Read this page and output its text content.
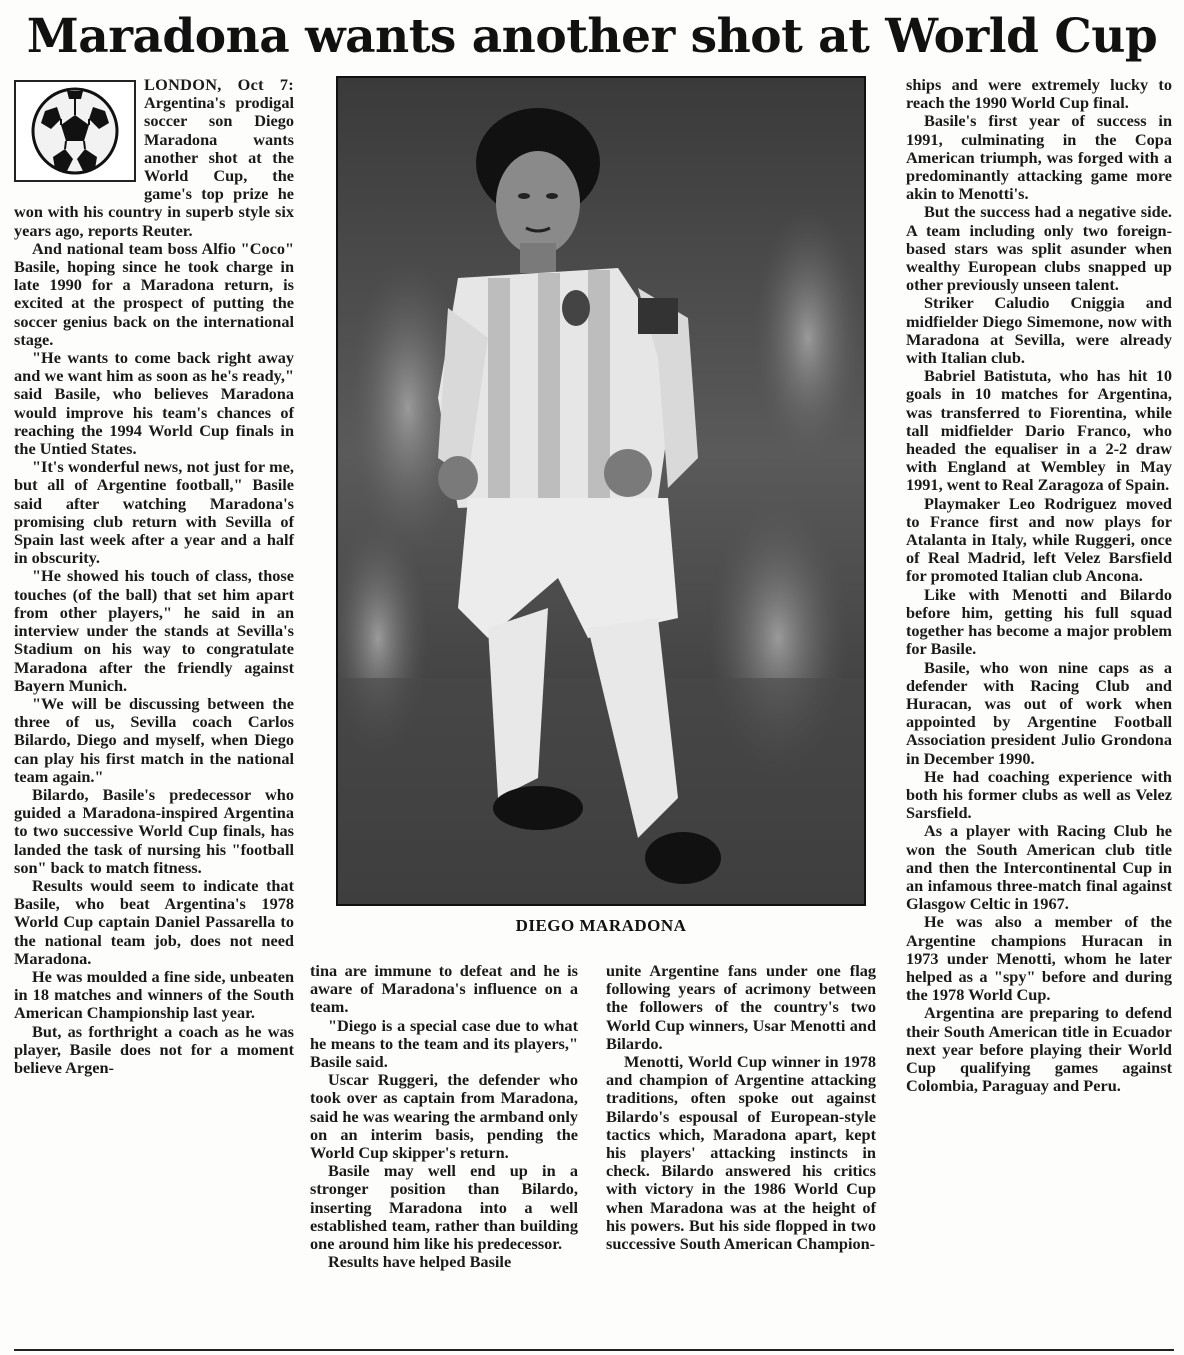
Maradona wants another shot at World Cup

LONDON, Oct 7: Argentina's prodigal soccer son Diego Maradona wants another shot at the World Cup, the game's top prize he won with his country in superb style six years ago, reports Reuter.

And national team boss Alfio "Coco" Basile, hoping since he took charge in late 1990 for a Maradona return, is excited at the prospect of putting the soccer genius back on the international stage.

"He wants to come back right away and we want him as soon as he's ready," said Basile, who believes Maradona would improve his team's chances of reaching the 1994 World Cup finals in the Untied States.

"It's wonderful news, not just for me, but all of Argentine football," Basile said after watching Maradona's promising club return with Sevilla of Spain last week after a year and a half in obscurity.

"He showed his touch of class, those touches (of the ball) that set him apart from other players," he said in an interview under the stands at Sevilla's Stadium on his way to congratulate Maradona after the friendly against Bayern Munich.

"We will be discussing between the three of us, Sevilla coach Carlos Bilardo, Diego and myself, when Diego can play his first match in the national team again."

Bilardo, Basile's predecessor who guided a Maradona-inspired Argentina to two successive World Cup finals, has landed the task of nursing his "football son" back to match fitness.

Results would seem to indicate that Basile, who beat Argentina's 1978 World Cup captain Daniel Passarella to the national team job, does not need Maradona.

He was moulded a fine side, unbeaten in 18 matches and winners of the South American Championship last year.

But, as forthright a coach as he was player, Basile does not for a moment believe Argen-

DIEGO MARADONA

tina are immune to defeat and he is aware of Maradona's influence on a team.

"Diego is a special case due to what he means to the team and its players," Basile said.

Uscar Ruggeri, the defender who took over as captain from Maradona, said he was wearing the armband only on an interim basis, pending the World Cup skipper's return.

Basile may well end up in a stronger position than Bilardo, inserting Maradona into a well established team, rather than building one around him like his predecessor.

Results have helped Basile

unite Argentine fans under one flag following years of acrimony between the followers of the country's two World Cup winners, Usar Menotti and Bilardo.

Menotti, World Cup winner in 1978 and champion of Argentine attacking traditions, often spoke out against Bilardo's espousal of European-style tactics which, Maradona apart, kept his players' attacking instincts in check. Bilardo answered his critics with victory in the 1986 World Cup when Maradona was at the height of his powers. But his side flopped in two successive South American Champion-

ships and were extremely lucky to reach the 1990 World Cup final.

Basile's first year of success in 1991, culminating in the Copa American triumph, was forged with a predominantly attacking game more akin to Menotti's.

But the success had a negative side. A team including only two foreign-based stars was split asunder when wealthy European clubs snapped up other previously unseen talent.

Striker Caludio Cniggia and midfielder Diego Simemone, now with Maradona at Sevilla, were already with Italian club.

Babriel Batistuta, who has hit 10 goals in 10 matches for Argentina, was transferred to Fiorentina, while tall midfielder Dario Franco, who headed the equaliser in a 2-2 draw with England at Wembley in May 1991, went to Real Zaragoza of Spain.

Playmaker Leo Rodriguez moved to France first and now plays for Atalanta in Italy, while Ruggeri, once of Real Madrid, left Velez Barsfield for promoted Italian club Ancona.

Like with Menotti and Bilardo before him, getting his full squad together has become a major problem for Basile.

Basile, who won nine caps as a defender with Racing Club and Huracan, was out of work when appointed by Argentine Football Association president Julio Grondona in December 1990.

He had coaching experience with both his former clubs as well as Velez Sarsfield.

As a player with Racing Club he won the South American club title and then the Intercontinental Cup in an infamous three-match final against Glasgow Celtic in 1967.

He was also a member of the Argentine champions Huracan in 1973 under Menotti, whom he later helped as a "spy" before and during the 1978 World Cup.

Argentina are preparing to defend their South American title in Ecuador next year before playing their World Cup qualifying games against Colombia, Paraguay and Peru.
